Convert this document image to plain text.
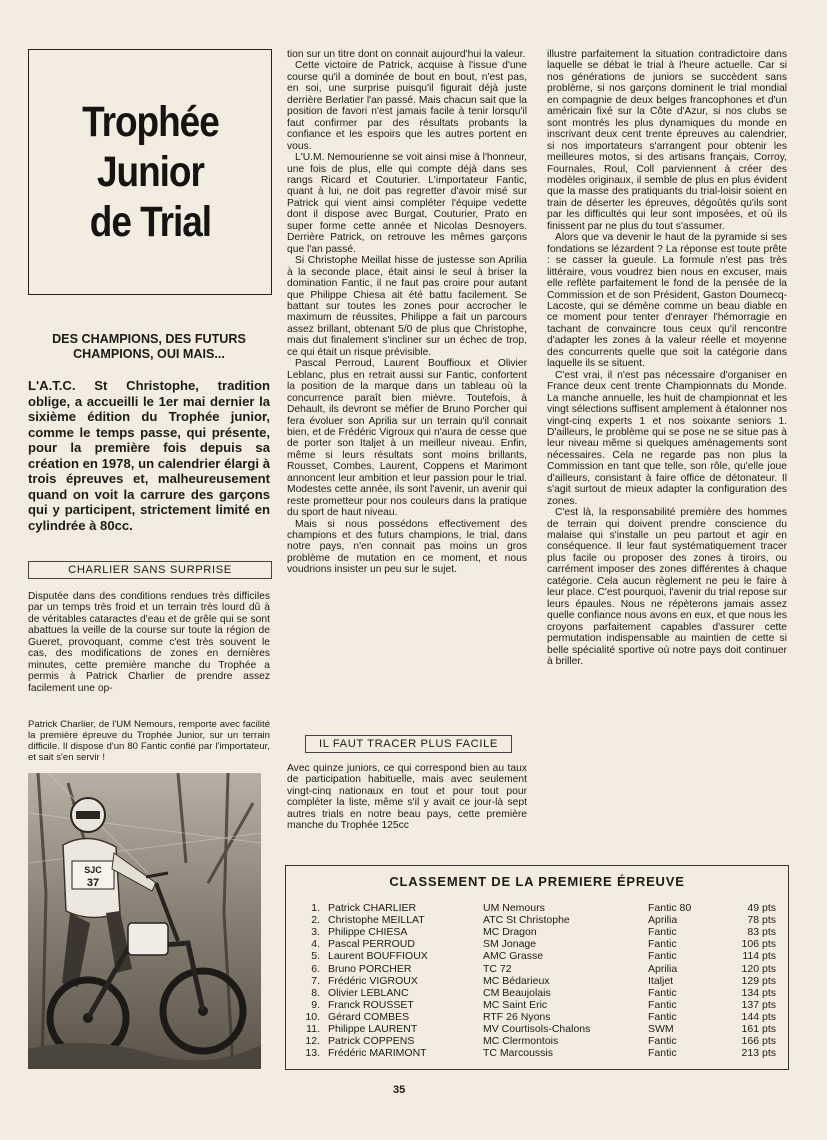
Trophée
Junior
de Trial
DES CHAMPIONS, DES FUTURS
CHAMPIONS, OUI MAIS...
L'A.T.C. St Christophe, tradition oblige, a accueilli le 1er mai dernier la sixième édition du Trophée junior, comme le temps passe, qui présente, pour la première fois depuis sa création en 1978, un calendrier élargi à trois épreuves et, malheureusement quand on voit la carrure des garçons qui y participent, strictement limité en cylindrée à 80cc.
CHARLIER SANS SURPRISE

Disputée dans des conditions rendues très difficiles par un temps très froid et un terrain très lourd dû à de véritables cataractes d'eau et de grêle qui se sont abattues la veille de la course sur toute la région de Gueret, provoquant, comme c'est très souvent le cas, des modifications de zones en dernières minutes, cette première manche du Trophée a permis à Patrick Charlier de prendre assez facilement une op-

Patrick Charlier, de l'UM Nemours, remporte avec facilité la première épreuve du Trophée Junior, sur un terrain difficile. Il dispose d'un 80 Fantic confié par l'importateur, et sait s'en servir !
SJC
37

tion sur un titre dont on connait aujourd'hui la valeur.

Cette victoire de Patrick, acquise à l'issue d'une course qu'il a dominée de bout en bout, n'est pas, en soi, une surprise puisqu'il figurait déjà juste derrière Berlatier l'an passé. Mais chacun sait que la position de favori n'est jamais facile à tenir lorsqu'il faut confirmer par des résultats probants la confiance et les espoirs que les autres portent en vous.

L'U.M. Nemourienne se voit ainsi mise à l'honneur, une fois de plus, elle qui compte déjà dans ses rangs Ricard et Couturier. L'importateur Fantic, quant à lui, ne doit pas regretter d'avoir misé sur Patrick qui vient ainsi compléter l'équipe vedette dont il dispose avec Burgat, Couturier, Prato en super forme cette année et Nicolas Desnoyers. Derrière Patrick, on retrouve les mêmes garçons que l'an passé.

Si Christophe Meillat hisse de justesse son Aprilia à la seconde place, était ainsi le seul à briser la domination Fantic, il ne faut pas croire pour autant que Philippe Chiesa ait été battu facilement. Se battant sur toutes les zones pour accrocher le maximum de réussites, Philippe a fait un parcours assez brillant, obtenant 5/0 de plus que Christophe, mais dut finalement s'incliner sur un échec de trop, ce qui était un risque prévisible.

Pascal Perroud, Laurent Bouffioux et Olivier Leblanc, plus en retrait aussi sur Fantic, confortent la position de la marque dans un tableau où la concurrence paraît bien mièvre. Toutefois, à Dehault, ils devront se méfier de Bruno Porcher qui fera évoluer son Aprilia sur un terrain qu'il connait bien, et de Frédéric Vigroux qui n'aura de cesse que de porter son Italjet à un meilleur niveau. Enfin, même si leurs résultats sont moins brillants, Rousset, Combes, Laurent, Coppens et Marimont annoncent leur ambition et leur passion pour le trial. Modestes cette année, ils sont l'avenir, un avenir qui reste prometteur pour nos couleurs dans la pratique du sport de haut niveau.

Mais si nous possédons effectivement des champions et des futurs champions, le trial, dans notre pays, n'en connait pas moins un gros problème de mutation en ce moment, et nous voudrions insister un peu sur le sujet.

IL FAUT TRACER PLUS FACILE

Avec quinze juniors, ce qui correspond bien au taux de participation habituelle, mais avec seulement vingt-cinq nationaux en tout et pour tout pour compléter la liste, même s'il y avait ce jour-là sept autres trials en notre beau pays, cette première manche du Trophée 125cc

illustre parfaitement la situation contradictoire dans laquelle se débat le trial à l'heure actuelle. Car si nos générations de juniors se succèdent sans problème, si nos garçons dominent le trial mondial en compagnie de deux belges francophones et d'un américain fixé sur la Côte d'Azur, si nos clubs se sont montrés les plus dynamiques du monde en inscrivant deux cent trente épreuves au calendrier, si nos importateurs s'arrangent pour obtenir les meilleures motos, si des artisans français, Corroy, Fournales, Roul, Coll parviennent à créer des modèles originaux, il semble de plus en plus évident que la masse des pratiquants du trial-loisir soient en train de déserter les épreuves, dégoûtés qu'ils sont par les difficultés qui leur sont imposées, et où ils finissent par ne plus du tout s'assumer.

Alors que va devenir le haut de la pyramide si ses fondations se lézardent ? La réponse est toute prête : se casser la gueule. La formule n'est pas très littéraire, vous voudrez bien nous en excuser, mais elle reflète parfaitement le fond de la pensée de la Commission et de son Président, Gaston Doumecq-Lacoste, qui se démène comme un beau diable en ce moment pour tenter d'enrayer l'hémorragie en tachant de convaincre tous ceux qu'il rencontre d'adapter les zones à la valeur réelle et moyenne des concurrents quelle que soit la catégorie dans laquelle ils se situent.

C'est vrai, il n'est pas nécessaire d'organiser en France deux cent trente Championnats du Monde. La manche annuelle, les huit de championnat et les vingt sélections suffisent amplement à étalonner nos vingt-cinq experts 1 et nos soixante seniors 1. D'ailleurs, le problème qui se pose ne se situe pas à leur niveau même si quelques aménagements sont nécessaires. Cela ne regarde pas non plus la Commission en tant que telle, son rôle, qu'elle joue d'ailleurs, consistant à faire office de détonateur. Il s'agit surtout de mieux adapter la configuration des zones.

C'est là, la responsabilité première des hommes de terrain qui doivent prendre conscience du malaise qui s'installe un peu partout et agir en conséquence. Il leur faut systématiquement tracer plus facile ou proposer des zones à tiroirs, ou carrément imposer des zones différentes à chaque catégorie. Cela aucun règlement ne peu le faire à leur place. C'est pourquoi, l'avenir du trial repose sur leurs épaules. Nous ne répèterons jamais assez quelle confiance nous avons en eux, et que nous les croyons parfaitement capables d'assurer cette permutation indispensable au maintien de cette si belle spécialité sportive où notre pays doit continuer à briller.

CLASSEMENT DE LA PREMIERE ÉPREUVE
1. Patrick CHARLIER	UM Nemours	Fantic 80	49 pts
2. Christophe MEILLAT	ATC St Christophe	Aprilia	78 pts
3. Philippe CHIESA	MC Dragon	Fantic	83 pts
4. Pascal PERROUD	SM Jonage	Fantic	106 pts
5. Laurent BOUFFIOUX	AMC Grasse	Fantic	114 pts
6. Bruno PORCHER	TC 72	Aprilia	120 pts
7. Frédéric VIGROUX	MC Bédarieux	Italjet	129 pts
8. Olivier LEBLANC	CM Beaujolais	Fantic	134 pts
9. Franck ROUSSET	MC Saint Eric	Fantic	137 pts
10. Gérard COMBES	RTF 26 Nyons	Fantic	144 pts
11. Philippe LAURENT	MV Courtisols-Chalons	SWM	161 pts
12. Patrick COPPENS	MC Clermontois	Fantic	166 pts
13. Frédéric MARIMONT	TC Marcoussis	Fantic	213 pts
35
